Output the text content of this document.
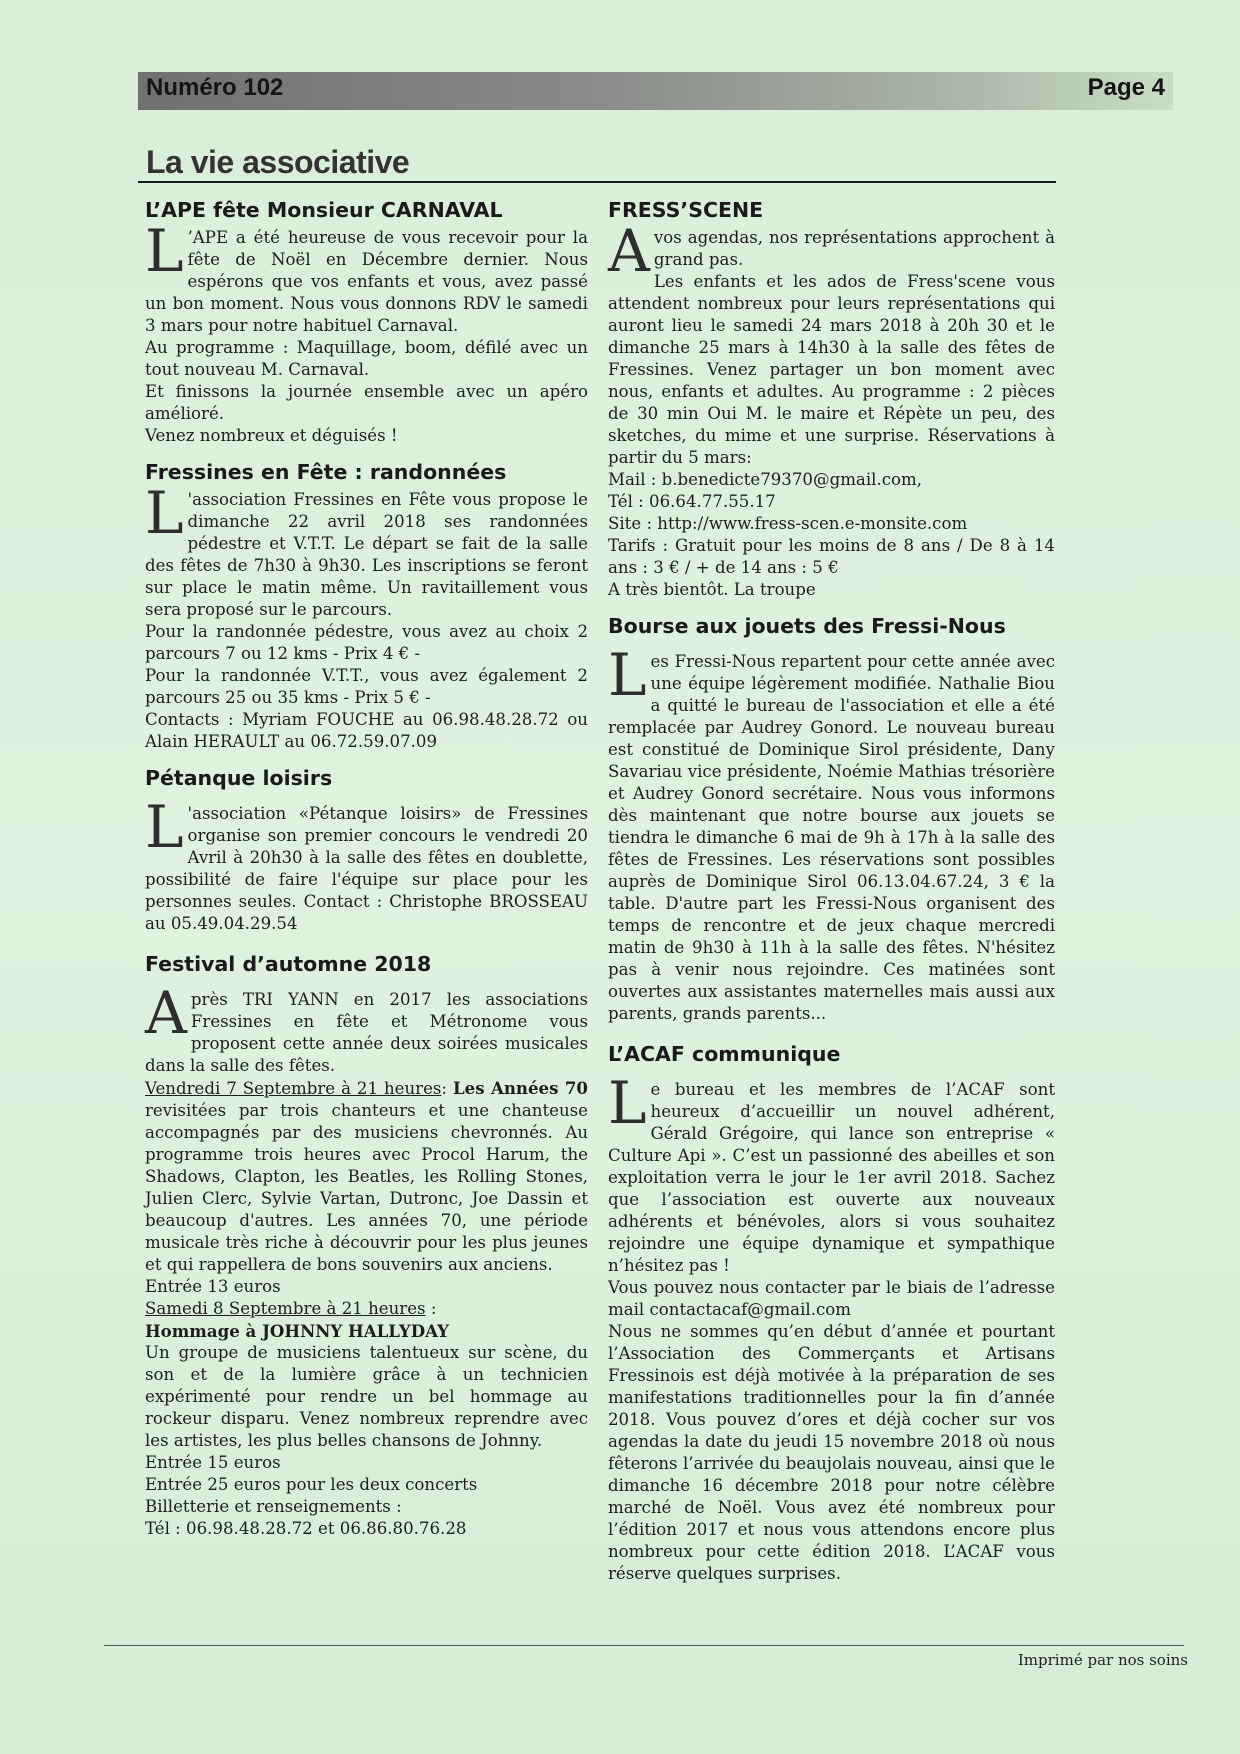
Numéro 102	Page 4
La vie associative
L’APE fête Monsieur CARNAVAL

L ’APE a été heureuse de vous recevoir pour la fête de Noël en Décembre dernier. Nous espérons que vos enfants et vous, avez passé un bon moment. Nous vous donnons RDV le samedi 3 mars pour notre habituel Carnaval.

Au programme : Maquillage, boom, défilé avec un tout nouveau M. Carnaval.

Et finissons la journée ensemble avec un apéro amélioré.

Venez nombreux et déguisés !

Fressines en Fête : randonnées

L 'association Fressines en Fête vous propose le dimanche 22 avril 2018 ses randonnées pédestre et V.T.T. Le départ se fait de la salle des fêtes de 7h30 à 9h30. Les inscriptions se feront sur place le matin même. Un ravitaillement vous sera proposé sur le parcours.

Pour la randonnée pédestre, vous avez au choix 2 parcours 7 ou 12 kms - Prix 4 € -

Pour la randonnée V.T.T., vous avez également 2 parcours 25 ou 35 kms - Prix 5 € -

Contacts : Myriam FOUCHE au 06.98.48.28.72 ou Alain HERAULT au 06.72.59.07.09

Pétanque loisirs

L 'association «Pétanque loisirs» de Fressines organise son premier concours le vendredi 20 Avril à 20h30 à la salle des fêtes en doublette, possibilité de faire l'équipe sur place pour les personnes seules. Contact : Christophe BROSSEAU au 05.49.04.29.54

Festival d’automne 2018

Après TRI YANN en 2017 les associations Fressines en fête et Métronome vous proposent cette année deux soirées musicales dans la salle des fêtes.

Vendredi 7 Septembre à 21 heures: Les Années 70 revisitées par trois chanteurs et une chanteuse accompagnés par des musiciens chevronnés. Au programme trois heures avec Procol Harum, the Shadows, Clapton, les Beatles, les Rolling Stones, Julien Clerc, Sylvie Vartan, Dutronc, Joe Dassin et beaucoup d'autres. Les années 70, une période musicale très riche à découvrir pour les plus jeunes et qui rappellera de bons souvenirs aux anciens.

Entrée 13 euros

Samedi 8 Septembre à 21 heures :

Hommage à JOHNNY HALLYDAY

Un groupe de musiciens talentueux sur scène, du son et de la lumière grâce à un technicien expérimenté pour rendre un bel hommage au rockeur disparu. Venez nombreux reprendre avec les artistes, les plus belles chansons de Johnny.

Entrée 15 euros

Entrée 25 euros pour les deux concerts

Billetterie et renseignements :

Tél : 06.98.48.28.72 et 06.86.80.76.28

FRESS’SCENE

Avos agendas, nos représentations approchent à grand pas.

Les enfants et les ados de Fress'scene vous attendent nombreux pour leurs représentations qui auront lieu le samedi 24 mars 2018 à 20h 30 et le dimanche 25 mars à 14h30 à la salle des fêtes de Fressines. Venez partager un bon moment avec nous, enfants et adultes. Au programme : 2 pièces de 30 min Oui M. le maire et Répète un peu, des sketches, du mime et une surprise. Réservations à partir du 5 mars:

Mail : b.benedicte79370@gmail.com,

Tél : 06.64.77.55.17

Site : http://www.fress-scen.e-monsite.com

Tarifs : Gratuit pour les moins de 8 ans / De 8 à 14 ans : 3 € / + de 14 ans : 5 €

A très bientôt. La troupe

Bourse aux jouets des Fressi-Nous

Les Fressi-Nous repartent pour cette année avec une équipe légèrement modifiée. Nathalie Biou a quitté le bureau de l'association et elle a été remplacée par Audrey Gonord. Le nouveau bureau est constitué de Dominique Sirol présidente, Dany Savariau vice présidente, Noémie Mathias trésorière et Audrey Gonord secrétaire. Nous vous informons dès maintenant que notre bourse aux jouets se tiendra le dimanche 6 mai de 9h à 17h à la salle des fêtes de Fressines. Les réservations sont possibles auprès de Dominique Sirol 06.13.04.67.24, 3 € la table. D'autre part les Fressi-Nous organisent des temps de rencontre et de jeux chaque mercredi matin de 9h30 à 11h à la salle des fêtes. N'hésitez pas à venir nous rejoindre. Ces matinées sont ouvertes aux assistantes maternelles mais aussi aux parents, grands parents...

L’ACAF communique

Le bureau et les membres de l’ACAF sont heureux d’accueillir un nouvel adhérent, Gérald Grégoire, qui lance son entreprise « Culture Api ». C’est un passionné des abeilles et son exploitation verra le jour le 1er avril 2018. Sachez que l’association est ouverte aux nouveaux adhérents et bénévoles, alors si vous souhaitez rejoindre une équipe dynamique et sympathique n’hésitez pas !

Vous pouvez nous contacter par le biais de l’adresse mail contactacaf@gmail.com

Nous ne sommes qu’en début d’année et pourtant l’Association des Commerçants et Artisans Fressinois est déjà motivée à la préparation de ses manifestations traditionnelles pour la fin d’année 2018. Vous pouvez d’ores et déjà cocher sur vos agendas la date du jeudi 15 novembre 2018 où nous fêterons l’arrivée du beaujolais nouveau, ainsi que le dimanche 16 décembre 2018 pour notre célèbre marché de Noël. Vous avez été nombreux pour l’édition 2017 et nous vous attendons encore plus nombreux pour cette édition 2018. L’ACAF vous réserve quelques surprises.

Imprimé par nos soins
